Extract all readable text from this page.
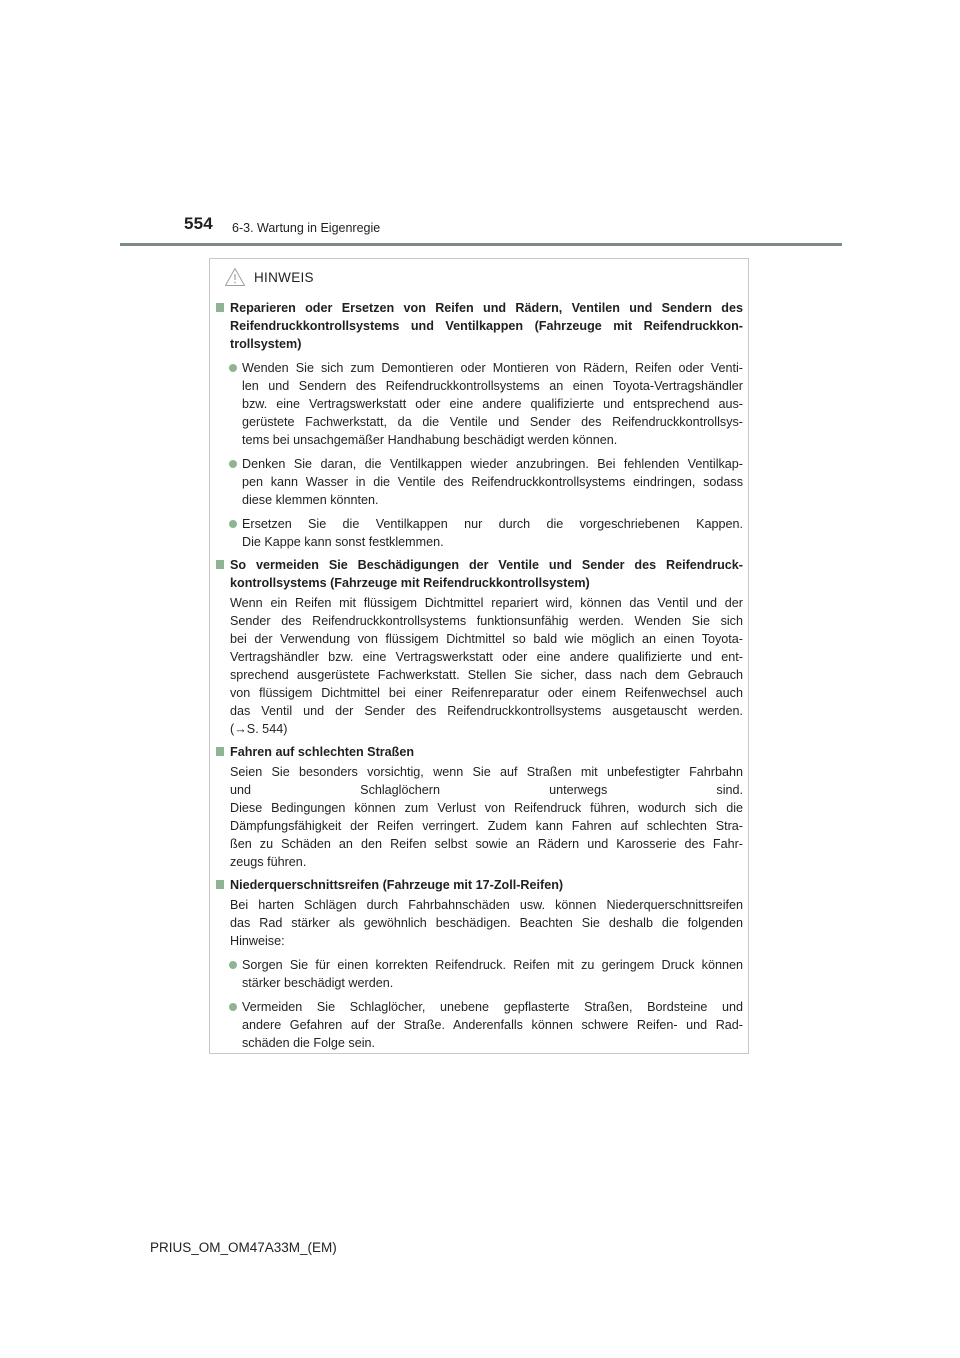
554 6-3. Wartung in Eigenregie
HINWEIS
Reparieren oder Ersetzen von Reifen und Rädern, Ventilen und Sendern des
Reifendruckkontrollsystems und Ventilkappen (Fahrzeuge mit Reifendruckkon-
trollsystem)
Wenden Sie sich zum Demontieren oder Montieren von Rädern, Reifen oder Venti-
len und Sendern des Reifendruckkontrollsystems an einen Toyota-Vertragshändler
bzw. eine Vertragswerkstatt oder eine andere qualifizierte und entsprechend aus-
gerüstete Fachwerkstatt, da die Ventile und Sender des Reifendruckkontrollsys-
tems bei unsachgemäßer Handhabung beschädigt werden können.
Denken Sie daran, die Ventilkappen wieder anzubringen. Bei fehlenden Ventilkap-
pen kann Wasser in die Ventile des Reifendruckkontrollsystems eindringen, sodass
diese klemmen könnten.
Ersetzen Sie die Ventilkappen nur durch die vorgeschriebenen Kappen.
Die Kappe kann sonst festklemmen.
So vermeiden Sie Beschädigungen der Ventile und Sender des Reifendruck-
kontrollsystems (Fahrzeuge mit Reifendruckkontrollsystem)
Wenn ein Reifen mit flüssigem Dichtmittel repariert wird, können das Ventil und der
Sender des Reifendruckkontrollsystems funktionsunfähig werden. Wenden Sie sich
bei der Verwendung von flüssigem Dichtmittel so bald wie möglich an einen Toyota-
Vertragshändler bzw. eine Vertragswerkstatt oder eine andere qualifizierte und ent-
sprechend ausgerüstete Fachwerkstatt. Stellen Sie sicher, dass nach dem Gebrauch
von flüssigem Dichtmittel bei einer Reifenreparatur oder einem Reifenwechsel auch
das Ventil und der Sender des Reifendruckkontrollsystems ausgetauscht werden.
(→S. 544)
Fahren auf schlechten Straßen
Seien Sie besonders vorsichtig, wenn Sie auf Straßen mit unbefestigter Fahrbahn
und Schlaglöchern unterwegs sind.
Diese Bedingungen können zum Verlust von Reifendruck führen, wodurch sich die
Dämpfungsfähigkeit der Reifen verringert. Zudem kann Fahren auf schlechten Stra-
ßen zu Schäden an den Reifen selbst sowie an Rädern und Karosserie des Fahr-
zeugs führen.
Niederquerschnittsreifen (Fahrzeuge mit 17-Zoll-Reifen)
Bei harten Schlägen durch Fahrbahnschäden usw. können Niederquerschnittsreifen
das Rad stärker als gewöhnlich beschädigen. Beachten Sie deshalb die folgenden
Hinweise:
Sorgen Sie für einen korrekten Reifendruck. Reifen mit zu geringem Druck können
stärker beschädigt werden.
Vermeiden Sie Schlaglöcher, unebene gepflasterte Straßen, Bordsteine und
andere Gefahren auf der Straße. Anderenfalls können schwere Reifen- und Rad-
schäden die Folge sein.
PRIUS_OM_OM47A33M_(EM)
